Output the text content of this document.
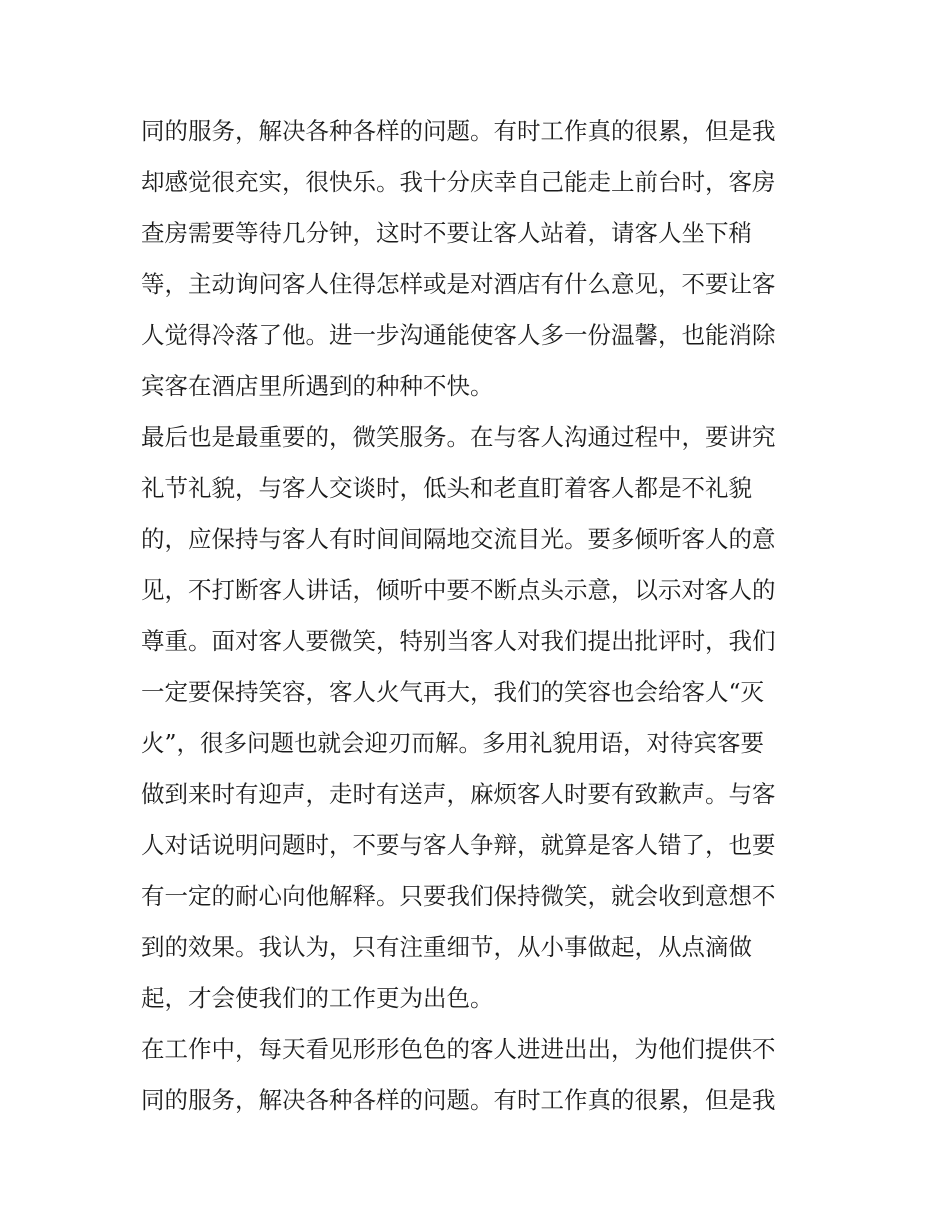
同的服务，解决各种各样的问题。有时工作真的很累，但是我
却感觉很充实，很快乐。我十分庆幸自己能走上前台时，客房
查房需要等待几分钟，这时不要让客人站着，请客人坐下稍
等，主动询问客人住得怎样或是对酒店有什么意见，不要让客
人觉得冷落了他。进一步沟通能使客人多一份温馨，也能消除
宾客在酒店里所遇到的种种不快。
最后也是最重要的，微笑服务。在与客人沟通过程中，要讲究
礼节礼貌，与客人交谈时，低头和老直盯着客人都是不礼貌
的，应保持与客人有时间间隔地交流目光。要多倾听客人的意
见，不打断客人讲话，倾听中要不断点头示意，以示对客人的
尊重。面对客人要微笑，特别当客人对我们提出批评时，我们
一定要保持笑容，客人火气再大，我们的笑容也会给客人“灭
火”，很多问题也就会迎刃而解。多用礼貌用语，对待宾客要
做到来时有迎声，走时有送声，麻烦客人时要有致歉声。与客
人对话说明问题时，不要与客人争辩，就算是客人错了，也要
有一定的耐心向他解释。只要我们保持微笑，就会收到意想不
到的效果。我认为，只有注重细节，从小事做起，从点滴做
起，才会使我们的工作更为出色。
在工作中，每天看见形形色色的客人进进出出，为他们提供不
同的服务，解决各种各样的问题。有时工作真的很累，但是我
